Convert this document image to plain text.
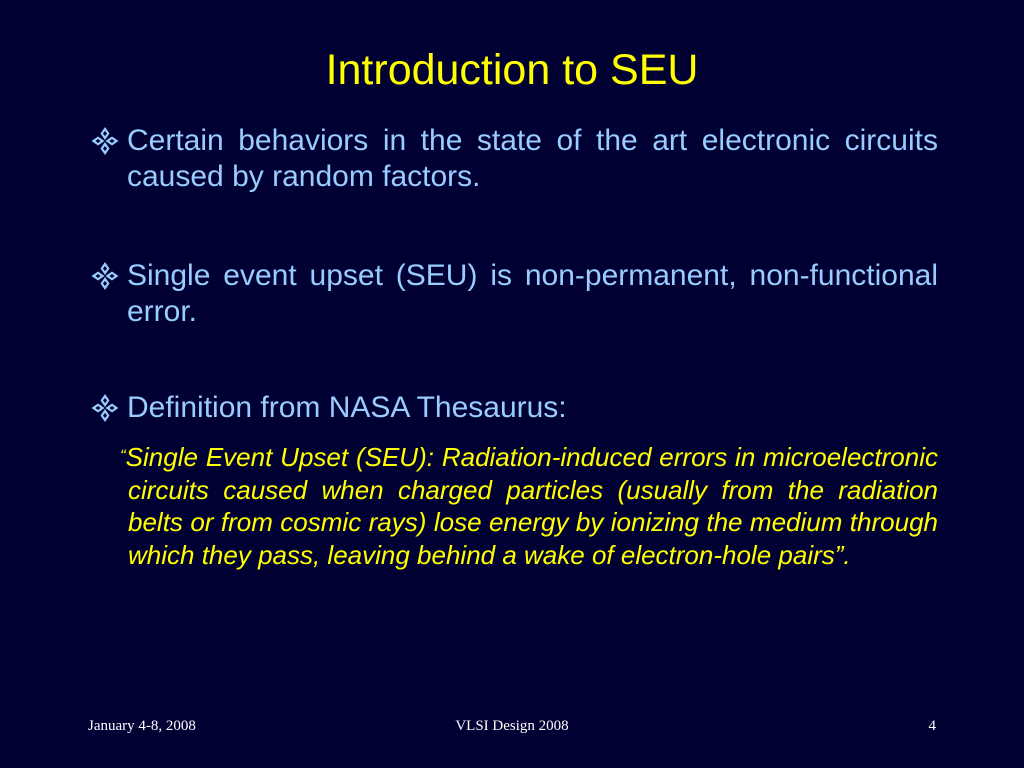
Introduction to SEU
Certain behaviors in the state of the art electronic circuits caused by random factors.
Single event upset (SEU) is non-permanent, non-functional error.
Definition from NASA Thesaurus:
“Single Event Upset (SEU): Radiation-induced errors in microelectronic circuits caused when charged particles (usually from the radiation belts or from cosmic rays) lose energy by ionizing the medium through which they pass, leaving behind a wake of electron-hole pairs”.
January 4-8, 2008	VLSI Design 2008	4
